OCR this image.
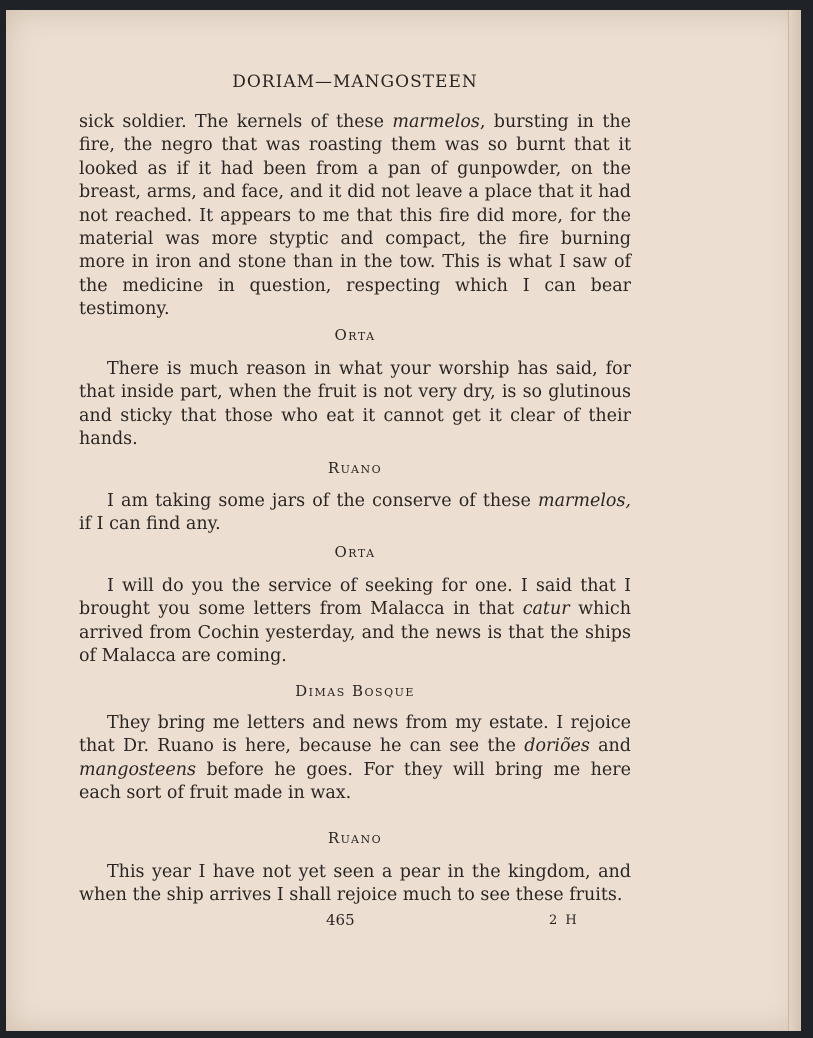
DORIAM—MANGOSTEEN

sick soldier. The kernels of these marmelos, bursting in the fire, the negro that was roasting them was so burnt that it looked as if it had been from a pan of gunpowder, on the breast, arms, and face, and it did not leave a place that it had not reached. It appears to me that this fire did more, for the material was more styptic and compact, the fire burning more in iron and stone than in the tow. This is what I saw of the medicine in question, respecting which I can bear testimony.

Orta

There is much reason in what your worship has said, for that inside part, when the fruit is not very dry, is so glutinous and sticky that those who eat it cannot get it clear of their hands.

Ruano

I am taking some jars of the conserve of these marmelos, if I can find any.

Orta

I will do you the service of seeking for one. I said that I brought you some letters from Malacca in that catur which arrived from Cochin yesterday, and the news is that the ships of Malacca are coming.

Dimas Bosque

They bring me letters and news from my estate. I rejoice that Dr. Ruano is here, because he can see the doriões and mangosteens before he goes. For they will bring me here each sort of fruit made in wax.

Ruano

This year I have not yet seen a pear in the kingdom, and when the ship arrives I shall rejoice much to see these fruits.

465	2 H
